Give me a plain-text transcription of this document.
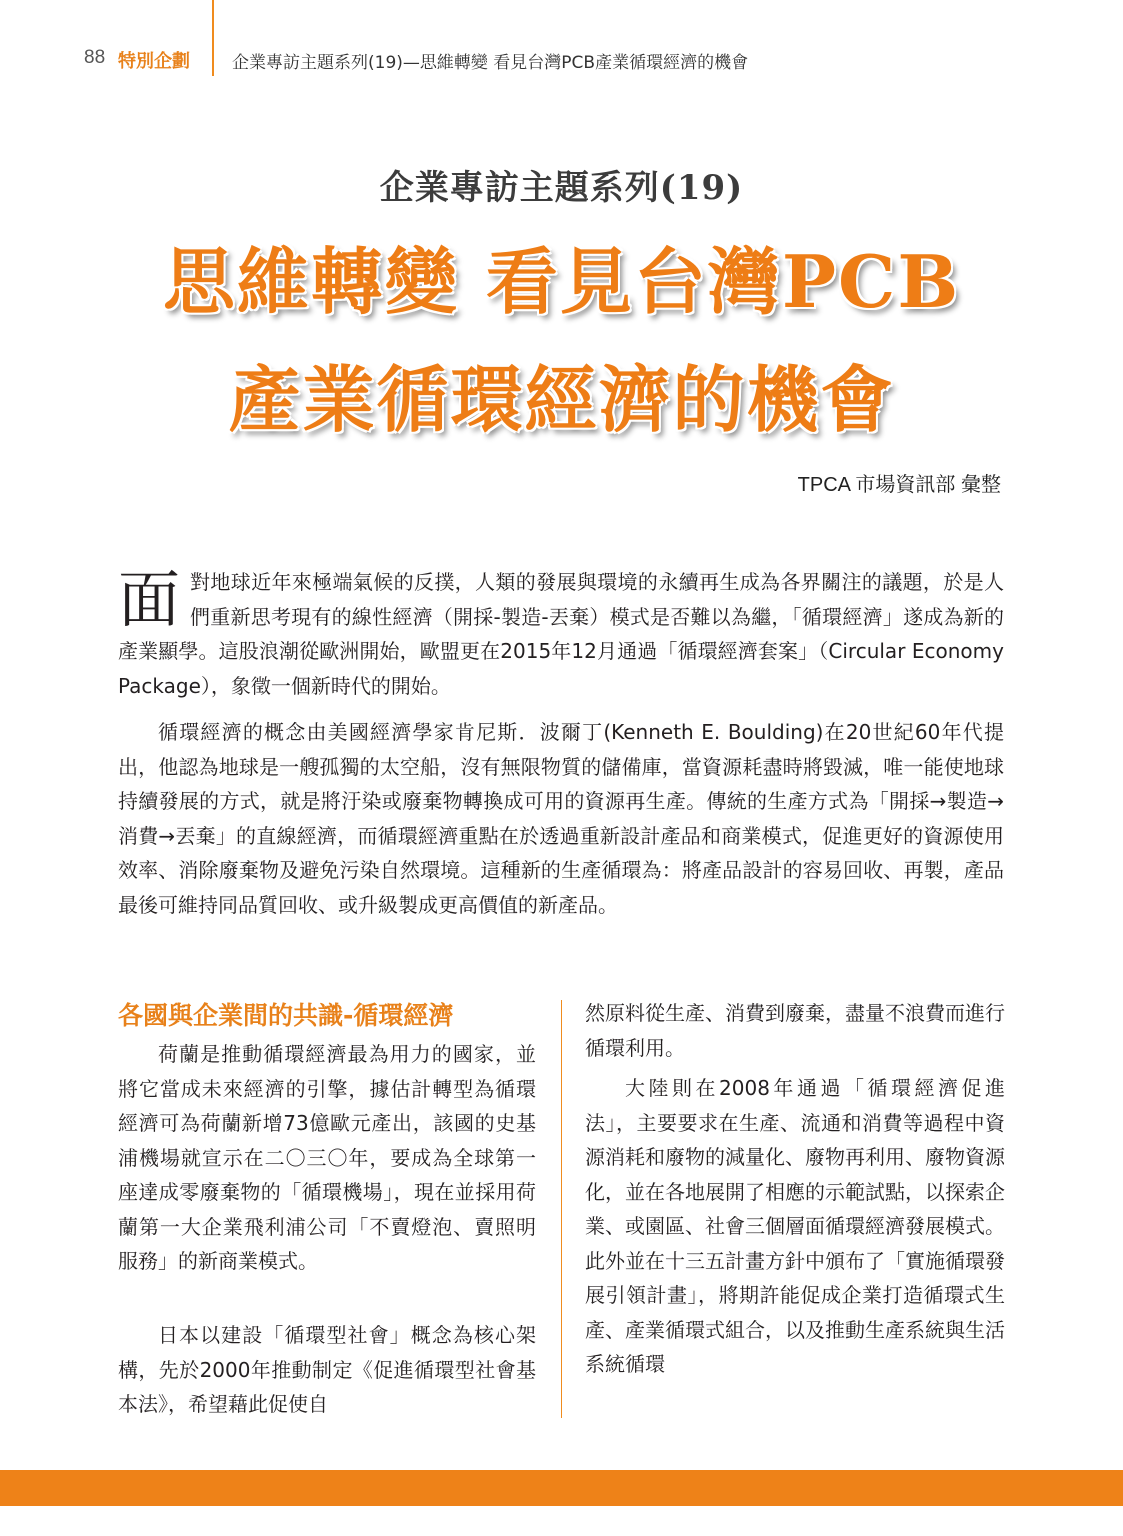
88 特別企劃 企業專訪主題系列(19)—思維轉變 看見台灣PCB產業循環經濟的機會
企業專訪主題系列(19)
思維轉變 看見台灣PCB
產業循環經濟的機會
TPCA 市場資訊部 彙整

面對地球近年來極端氣候的反撲，人類的發展與環境的永續再生成為各界關注的議題，於是人們重新思考現有的線性經濟（開採-製造-丟棄）模式是否難以為繼，「循環經濟」遂成為新的產業顯學。這股浪潮從歐洲開始，歐盟更在2015年12月通過「循環經濟套案」（Circular Economy Package），象徵一個新時代的開始。

循環經濟的概念由美國經濟學家肯尼斯．波爾丁(Kenneth E. Boulding)在20世紀60年代提出，他認為地球是一艘孤獨的太空船，沒有無限物質的儲備庫，當資源耗盡時將毀滅，唯一能使地球持續發展的方式，就是將汙染或廢棄物轉換成可用的資源再生產。傳統的生產方式為「開採→製造→消費→丟棄」的直線經濟，而循環經濟重點在於透過重新設計產品和商業模式，促進更好的資源使用效率、消除廢棄物及避免污染自然環境。這種新的生產循環為：將產品設計的容易回收、再製，產品最後可維持同品質回收、或升級製成更高價值的新產品。

各國與企業間的共識-循環經濟

荷蘭是推動循環經濟最為用力的國家，並將它當成未來經濟的引擎，據估計轉型為循環經濟可為荷蘭新增73億歐元產出，該國的史基浦機場就宣示在二〇三〇年，要成為全球第一座達成零廢棄物的「循環機場」，現在並採用荷蘭第一大企業飛利浦公司「不賣燈泡、賣照明服務」的新商業模式。

日本以建設「循環型社會」概念為核心架構，先於2000年推動制定《促進循環型社會基本法》，希望藉此促使自

然原料從生產、消費到廢棄，盡量不浪費而進行循環利用。

大陸則在2008年通過「循環經濟促進法」，主要要求在生產、流通和消費等過程中資源消耗和廢物的減量化、廢物再利用、廢物資源化，並在各地展開了相應的示範試點，以探索企業、或園區、社會三個層面循環經濟發展模式。此外並在十三五計畫方針中頒布了「實施循環發展引領計畫」，將期許能促成企業打造循環式生產、產業循環式組合，以及推動生產系統與生活系統循環
